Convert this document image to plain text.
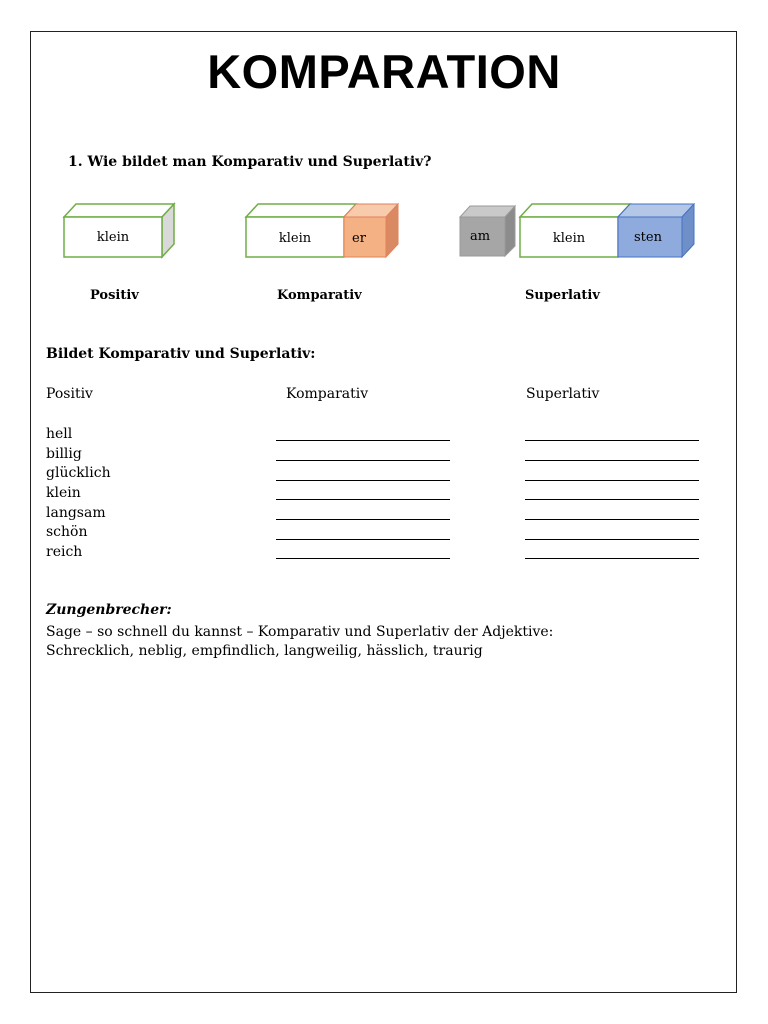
KOMPARATION
1. Wie bildet man Komparativ und Superlativ?
klein	klein	er	am	klein	sten
Positiv	Komparativ	Superlativ
Bildet Komparativ und Superlativ:
Positiv	Komparativ	Superlativ
hell
billig
glücklich
klein
langsam
schön
reich
Zungenbrecher:
Sage – so schnell du kannst – Komparativ und Superlativ der Adjektive:
Schrecklich, neblig, empfindlich, langweilig, hässlich, traurig
